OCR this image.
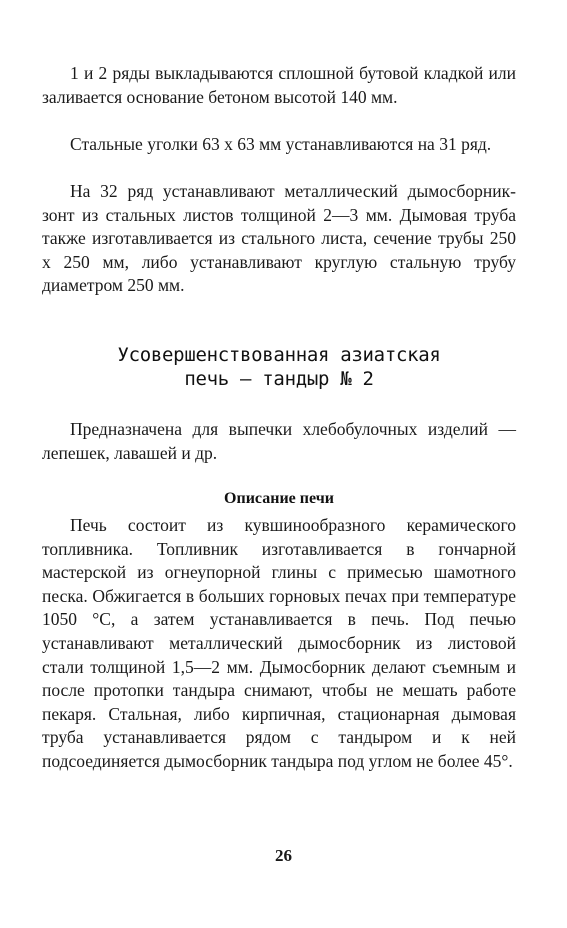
1 и 2 ряды выкладываются сплошной бутовой кладкой или заливается основание бетоном высотой 140 мм.

Стальные уголки 63 x 63 мм устанавливаются на 31 ряд.

На 32 ряд устанавливают металлический дымосборник-зонт из стальных листов толщиной 2—3 мм. Дымовая труба также изготавливается из стального листа, сечение трубы 250 x 250 мм, либо устанавливают круглую стальную трубу диаметром 250 мм.

Усовершенствованная азиатская
печь — тандыр № 2

Предназначена для выпечки хлебобулочных изделий — лепешек, лавашей и др.

Описание печи

Печь состоит из кувшинообразного керамического топливника. Топливник изготавливается в гончарной мастерской из огнеупорной глины с примесью шамотного песка. Обжигается в больших горновых печах при температуре 1050 °С, а затем устанавливается в печь. Под печью устанавливают металлический дымосборник из листовой стали толщиной 1,5—2 мм. Дымосборник делают съемным и после протопки тандыра снимают, чтобы не мешать работе пекаря. Стальная, либо кирпичная, стационарная дымовая труба устанавливается рядом с тандыром и к ней подсоединяется дымосборник тандыра под углом не более 45°.

26
